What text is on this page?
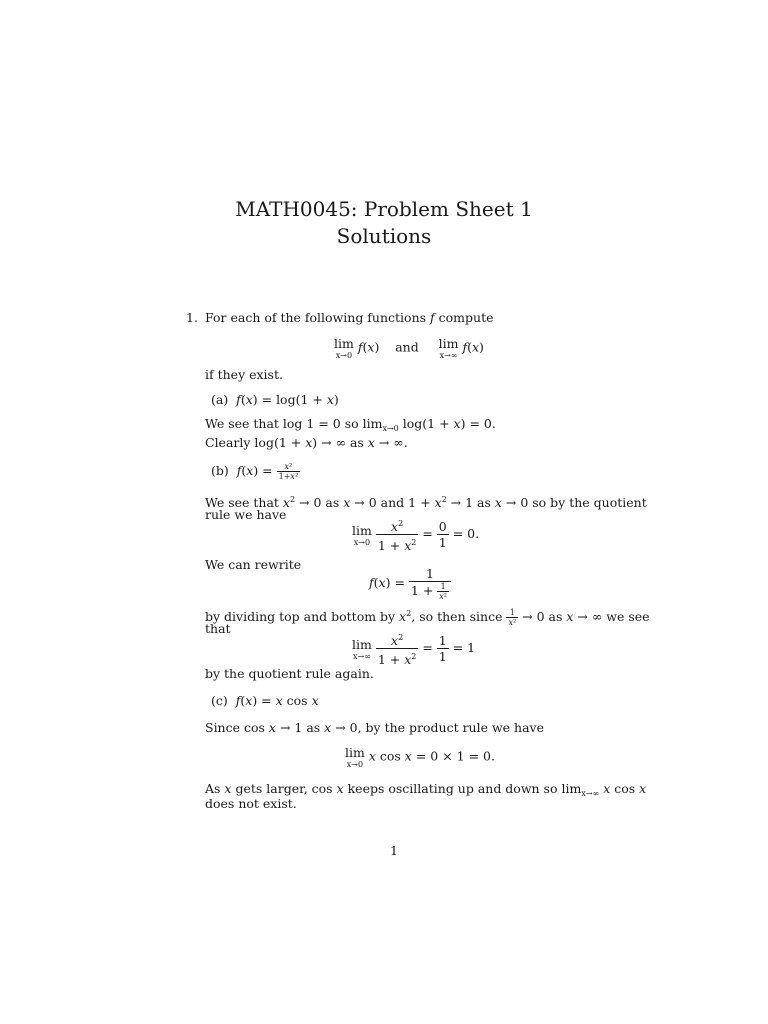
MATH0045: Problem Sheet 1
Solutions
1. For each of the following functions f compute
lim
x→0
f(x)    and lim
x→∞
f(x)
if they exist.
(a) f(x) = log(1 + x)
We see that log 1 = 0 so $\lim_{x\to 0} \log(1 + x) = 0$.
Clearly log(1 + x) → ∞ as x → ∞.
(b) $f(x) = \frac{\text{x²}}{\text{1+x²}}$
We see that $x^2 \to 0$ as x → 0 and $1 + x^2 \to 1$ as x → 0 so by the quotient
rule we have
lim
x→0
$\frac{x^2}{1 + x^2} = \frac{0}{1} = 0$.
We can rewrite
$f(x) = \frac{1}{1 + \frac{1}{\text{x²}}}$
by dividing top and bottom by $x^2$, so then since $\frac{1}{\text{x²}} \to 0$ as x → ∞ we see
that
lim
x→∞
$\frac{x^2}{1 + x^2} = \frac{1}{1} = 1$
by the quotient rule again.
(c) f(x) = x cos x
Since cos x → 1 as x → 0, by the product rule we have
lim
x→0
x cos x = 0 × 1 = 0.
As x gets larger, cos x keeps oscillating up and down so $\lim_{x\to\infty} x$ cos x
does not exist.
1
